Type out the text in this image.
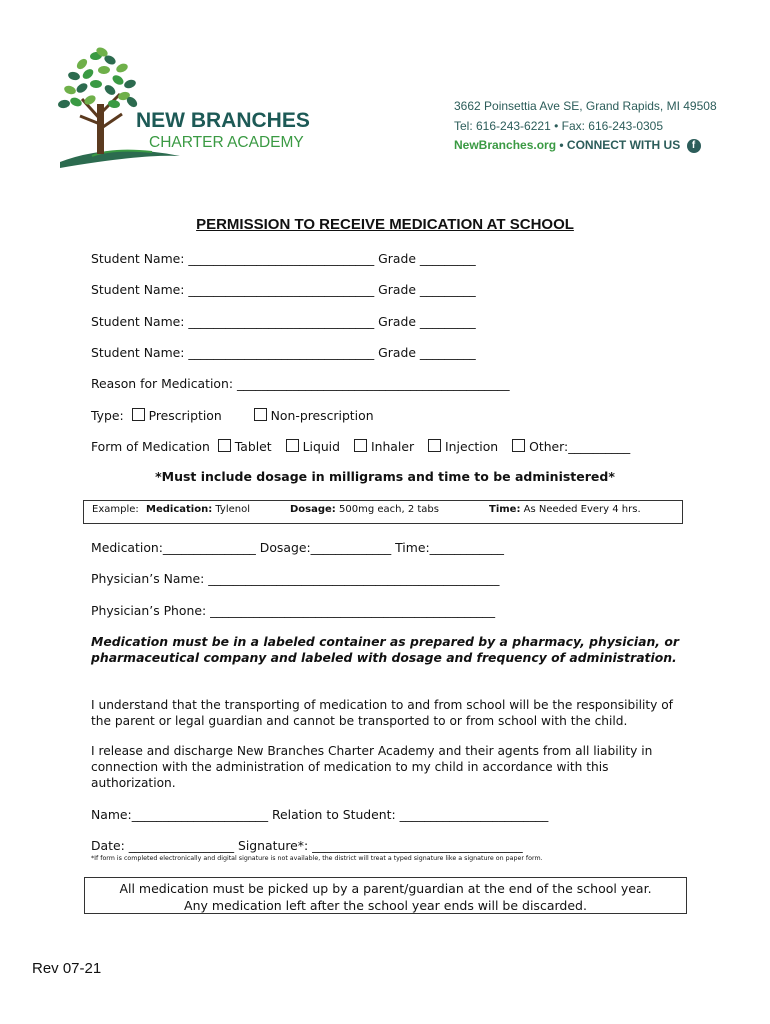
NEW BRANCHES
CHARTER ACADEMY
3662 Poinsettia Ave SE, Grand Rapids, MI 49508
Tel: 616-243-6221 • Fax: 616-243-0305
NewBranches.org • CONNECT WITH US f
PERMISSION TO RECEIVE MEDICATION AT SCHOOL
Student Name: ______________________________ Grade _________
Student Name: ______________________________ Grade _________
Student Name: ______________________________ Grade _________
Student Name: ______________________________ Grade _________
Reason for Medication: ____________________________________________
Type: Prescription	Non-prescription
Form of Medication Tablet Liquid Inhaler Injection Other:__________
*Must include dosage in milligrams and time to be administered*
Example: Medication: Tylenol	Dosage: 500mg each, 2 tabs	Time: As Needed Every 4 hrs.
Medication:_______________ Dosage:_____________ Time:____________
Physician’s Name: _______________________________________________
Physician’s Phone: ______________________________________________
Medication must be in a labeled container as prepared by a pharmacy, physician, or pharmaceutical company and labeled with dosage and frequency of administration.
I understand that the transporting of medication to and from school will be the responsibility of the parent or legal guardian and cannot be transported to or from school with the child.
I release and discharge New Branches Charter Academy and their agents from all liability in connection with the administration of medication to my child in accordance with this authorization.
Name:______________________ Relation to Student: ________________________
Date: _________________ Signature*: __________________________________
*If form is completed electronically and digital signature is not available, the district will treat a typed signature like a signature on paper form.
All medication must be picked up by a parent/guardian at the end of the school year.
Any medication left after the school year ends will be discarded.
Rev 07-21
